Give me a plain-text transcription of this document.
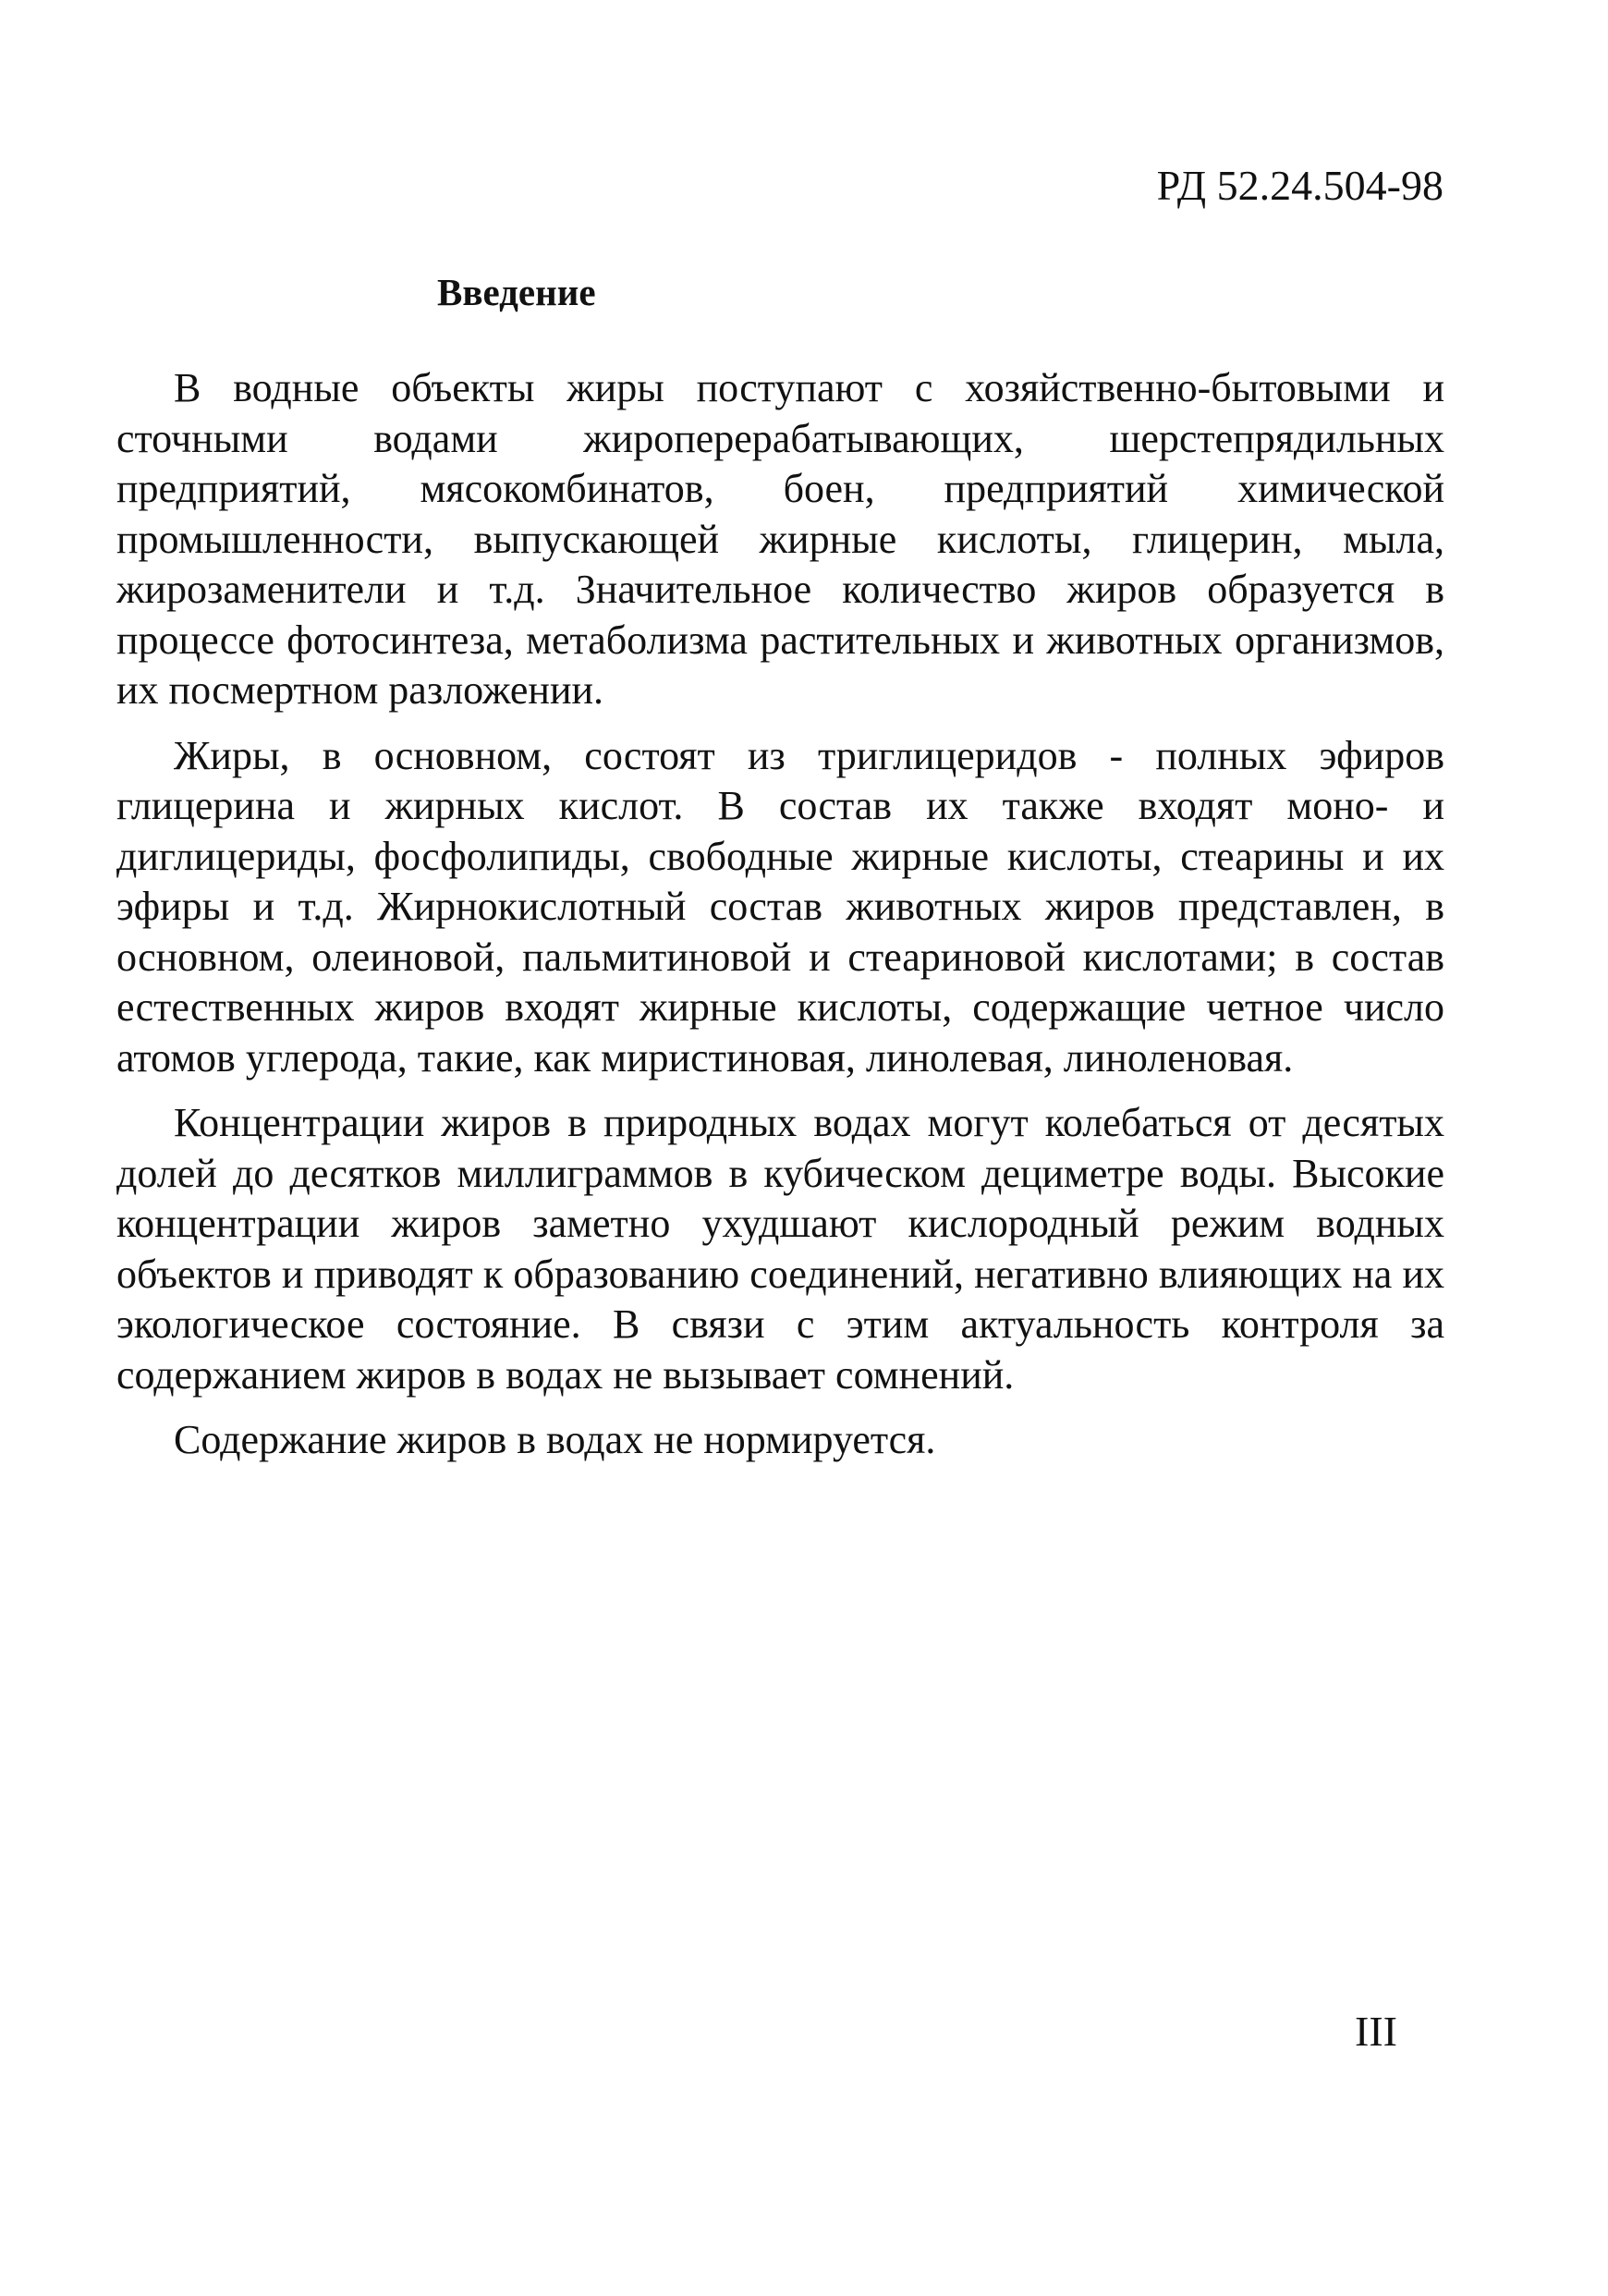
РД 52.24.504-98
Введение

В водные объекты жиры поступают с хозяйственно-бытовыми и сточными водами жироперерабатывающих, шерстепрядильных предприятий, мясокомбинатов, боен, предприятий химической промышленности, выпускающей жирные кислоты, глицерин, мыла, жирозаменители и т.д. Значительное количество жиров образуется в процессе фотосинтеза, метаболизма растительных и животных организмов, их посмертном разложении.

Жиры, в основном, состоят из триглицеридов - полных эфиров глицерина и жирных кислот. В состав их также входят моно- и диглицериды, фосфолипиды, свободные жирные кислоты, стеарины и их эфиры и т.д. Жирнокислотный состав животных жиров представлен, в основном, олеиновой, пальмитиновой и стеариновой кислотами; в состав естественных жиров входят жирные кислоты, содержащие четное число атомов углерода, такие, как миристиновая, линолевая, линоленовая.

Концентрации жиров в природных водах могут колебаться от десятых долей до десятков миллиграммов в кубическом дециметре воды. Высокие концентрации жиров заметно ухудшают кислородный режим водных объектов и приводят к образованию соединений, негативно влияющих на их экологическое состояние. В связи с этим актуальность контроля за содержанием жиров в водах не вызывает сомнений.

Содержание жиров в водах не нормируется.

III
